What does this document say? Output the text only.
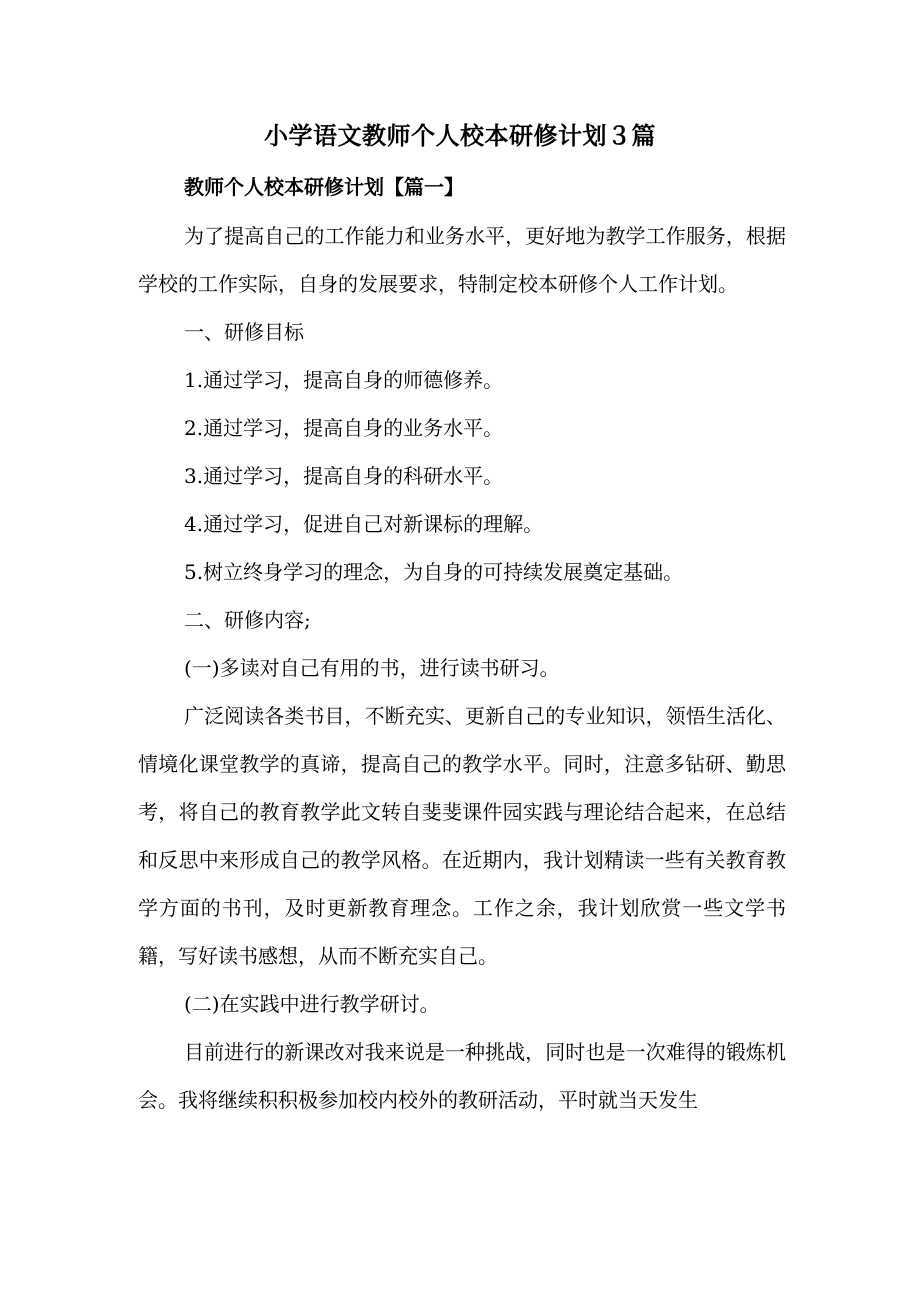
小学语文教师个人校本研修计划３篇
教师个人校本研修计划【篇一】

为了提高自己的工作能力和业务水平，更好地为教学工作服务，根据学校的工作实际，自身的发展要求，特制定校本研修个人工作计划。

一、研修目标

1.通过学习，提高自身的师德修养。

2.通过学习，提高自身的业务水平。

3.通过学习，提高自身的科研水平。

4.通过学习，促进自己对新课标的理解。

5.树立终身学习的理念，为自身的可持续发展奠定基础。

二、研修内容;

(一)多读对自己有用的书，进行读书研习。

广泛阅读各类书目，不断充实、更新自己的专业知识，领悟生活化、情境化课堂教学的真谛，提高自己的教学水平。同时，注意多钻研、勤思考，将自己的教育教学此文转自斐斐课件园实践与理论结合起来，在总结和反思中来形成自己的教学风格。在近期内，我计划精读一些有关教育教学方面的书刊，及时更新教育理念。工作之余，我计划欣赏一些文学书籍，写好读书感想，从而不断充实自己。

(二)在实践中进行教学研讨。

目前进行的新课改对我来说是一种挑战，同时也是一次难得的锻炼机会。我将继续积积极参加校内校外的教研活动，平时就当天发生
